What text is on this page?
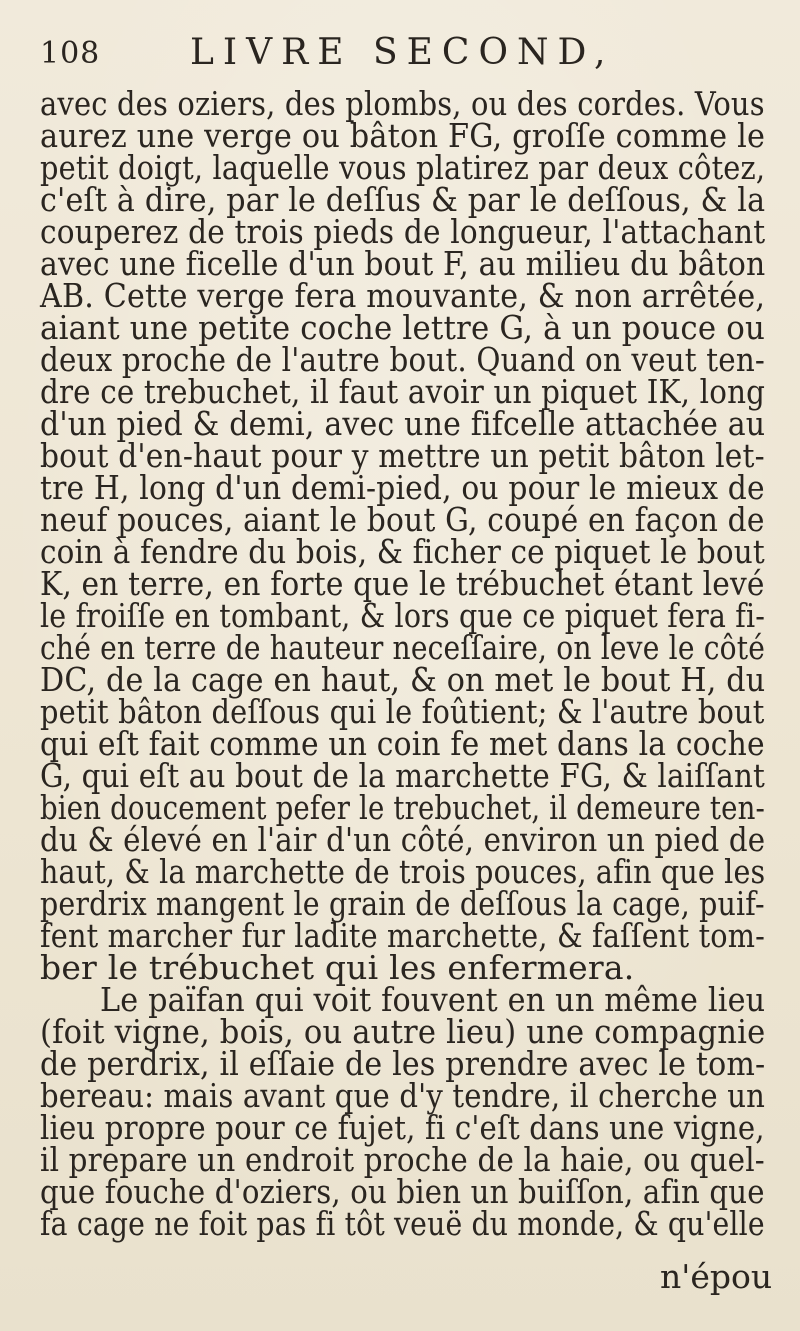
108 LIVRE SECOND,
avec des oziers, des plombs, ou des cordes. Vous
aurez une verge ou bâton FG, groſſe comme le
petit doigt, laquelle vous platirez par deux côtez,
c'eſt à dire, par le deſſus & par le deſſous, & la
couperez de trois pieds de longueur, l'attachant
avec une ficelle d'un bout F, au milieu du bâton
AB. Cette verge fera mouvante, & non arrêtée,
aiant une petite coche lettre G, à un pouce ou
deux proche de l'autre bout. Quand on veut ten-
dre ce trebuchet, il faut avoir un piquet IK, long
d'un pied & demi, avec une fifcelle attachée au
bout d'en-haut pour y mettre un petit bâton let-
tre H, long d'un demi-pied, ou pour le mieux de
neuf pouces, aiant le bout G, coupé en façon de
coin à fendre du bois, & ficher ce piquet le bout
K, en terre, en forte que le trébuchet étant levé
le froiſſe en tombant, & lors que ce piquet fera fi-
ché en terre de hauteur neceſſaire, on leve le côté
DC, de la cage en haut, & on met le bout H, du
petit bâton deſſous qui le foûtient; & l'autre bout
qui eſt fait comme un coin fe met dans la coche
G, qui eſt au bout de la marchette FG, & laiſſant
bien doucement pefer le trebuchet, il demeure ten-
du & élevé en l'air d'un côté, environ un pied de
haut, & la marchette de trois pouces, afin que les
perdrix mangent le grain de deſſous la cage, puif-
fent marcher fur ladite marchette, & faſſent tom-
ber le trébuchet qui les enfermera.
Le païfan qui voit fouvent en un même lieu
(foit vigne, bois, ou autre lieu) une compagnie
de perdrix, il eſſaie de les prendre avec le tom-
bereau: mais avant que d'y tendre, il cherche un
lieu propre pour ce fujet, fi c'eſt dans une vigne,
il prepare un endroit proche de la haie, ou quel-
que fouche d'oziers, ou bien un buiſſon, afin que
fa cage ne foit pas fi tôt veuë du monde, & qu'elle
n'épou
